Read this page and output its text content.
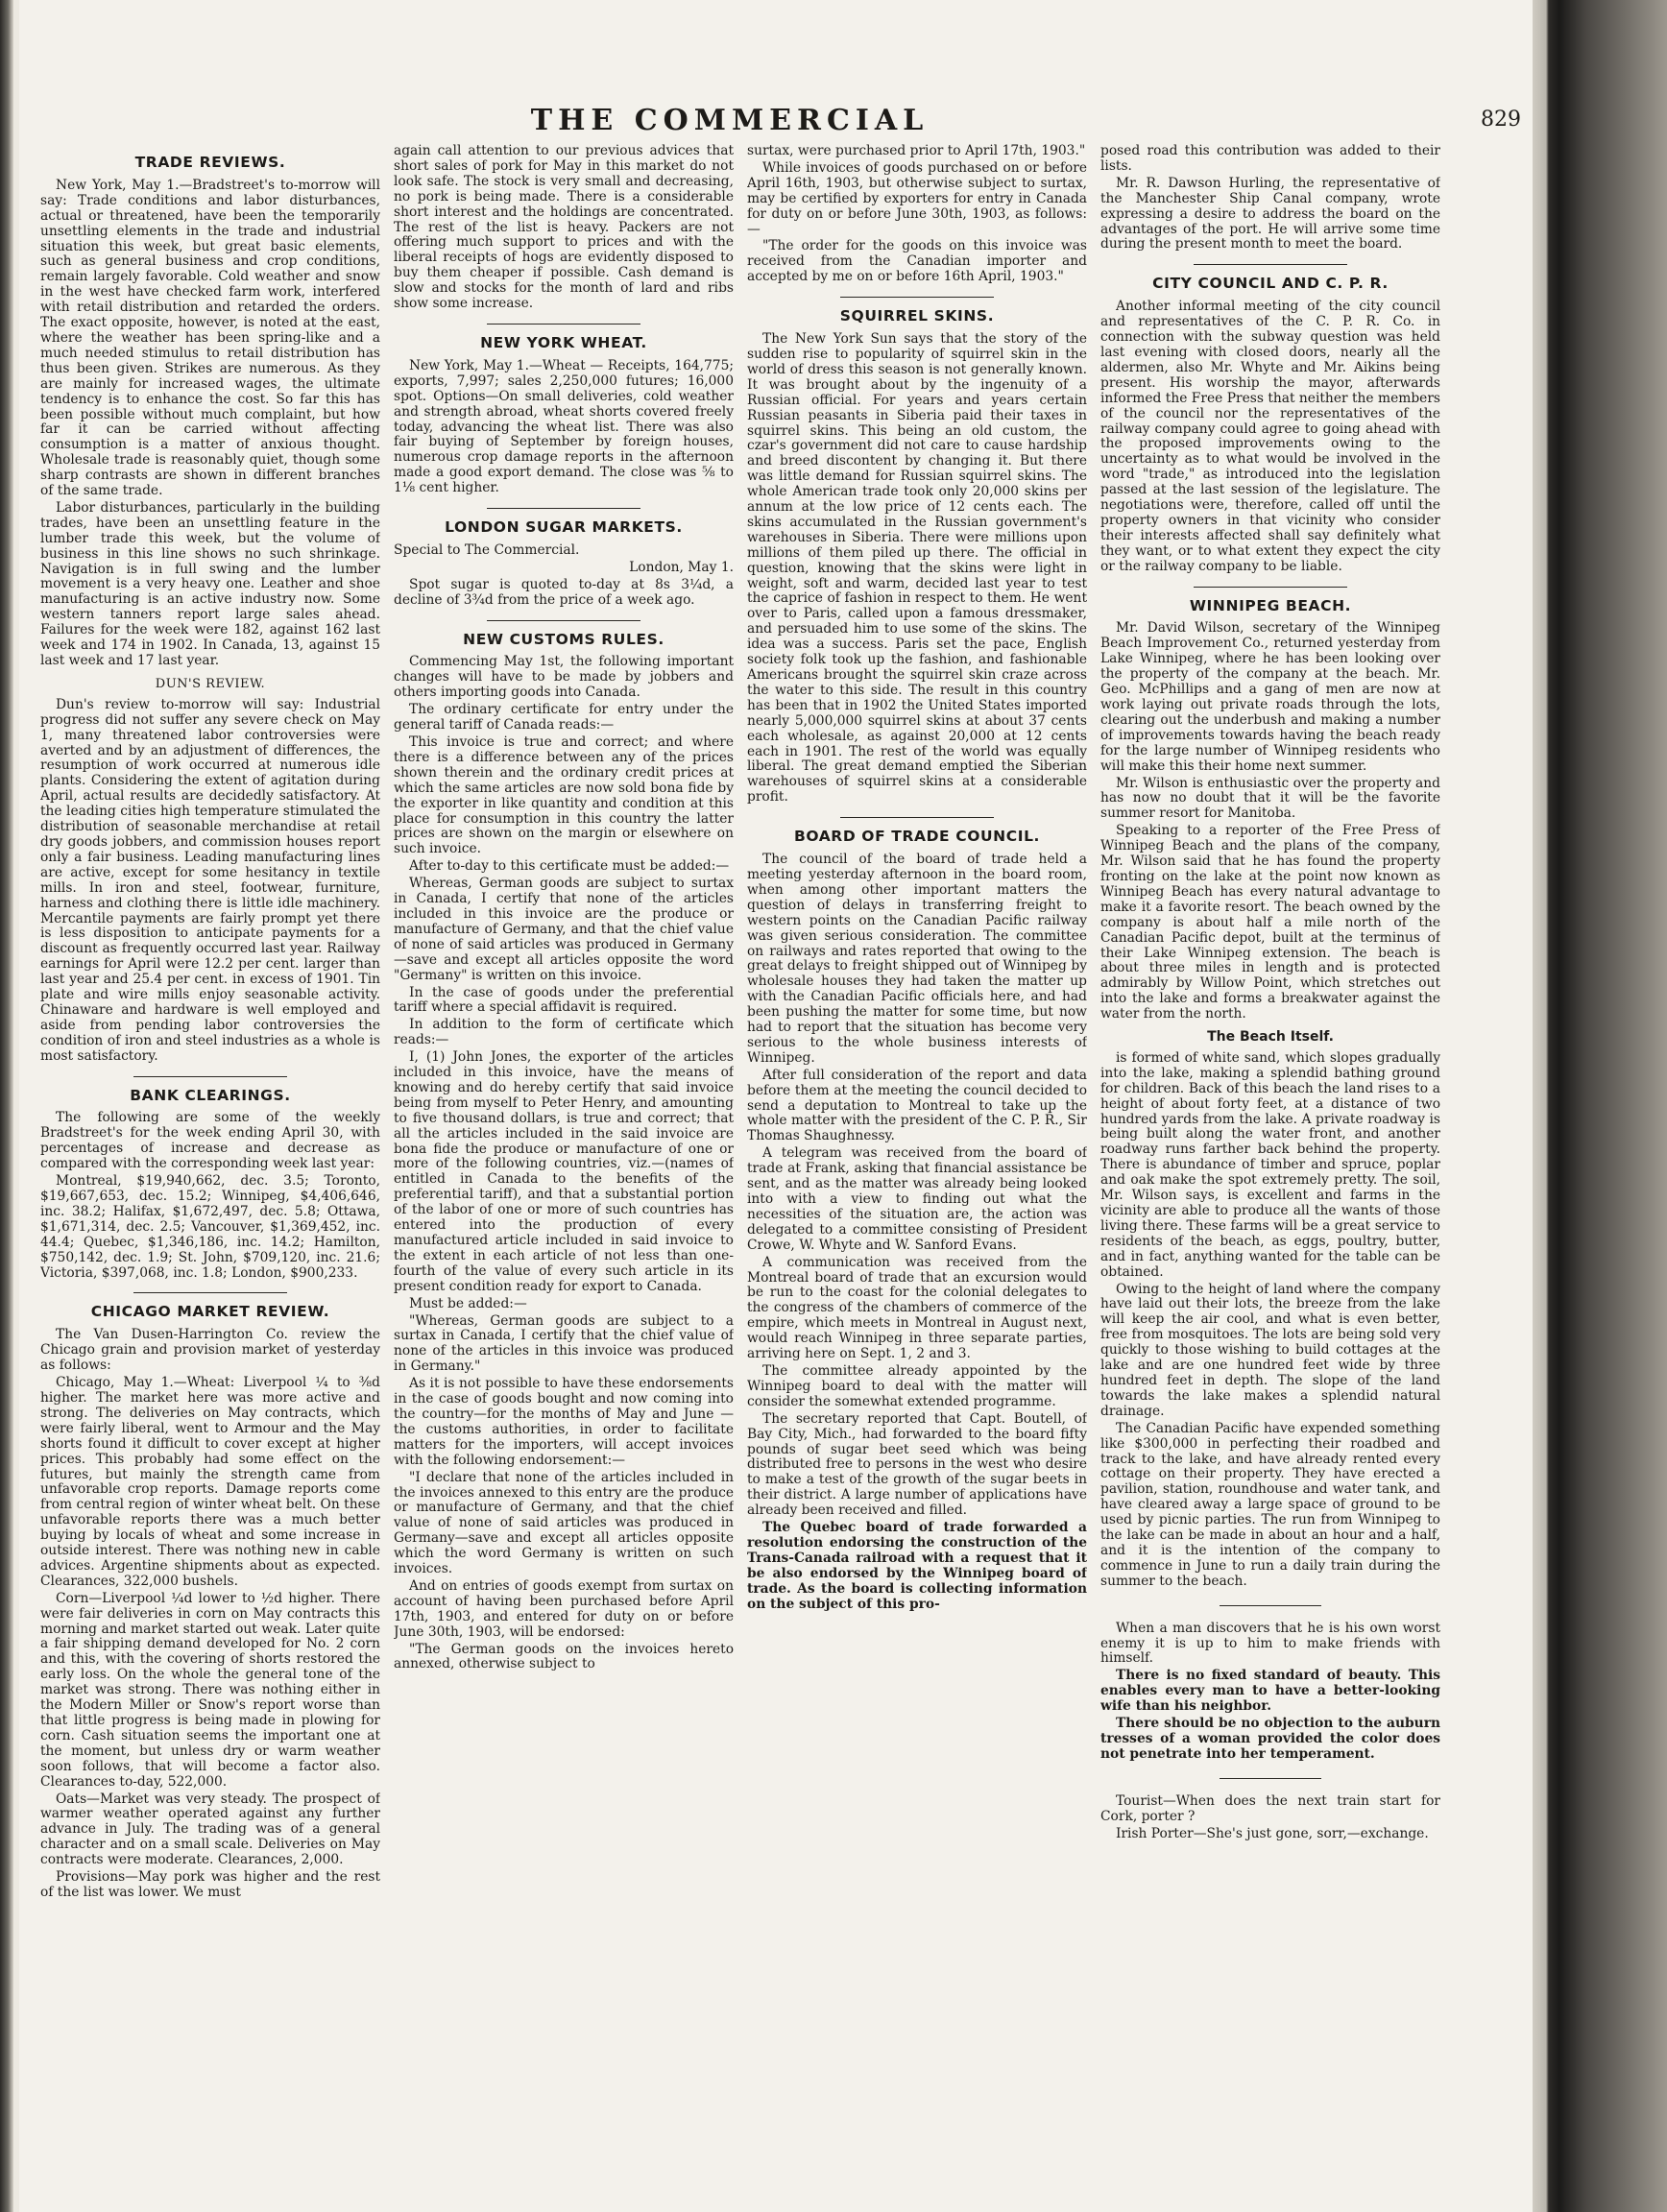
THE COMMERCIAL	829
TRADE REVIEWS.

New York, May 1.—Bradstreet's to-morrow will say: Trade conditions and labor disturbances, actual or threatened, have been the temporarily unsettling elements in the trade and industrial situation this week, but great basic elements, such as general business and crop conditions, remain largely favorable. Cold weather and snow in the west have checked farm work, interfered with retail distribution and retarded the orders. The exact opposite, however, is noted at the east, where the weather has been spring-like and a much needed stimulus to retail distribution has thus been given. Strikes are numerous. As they are mainly for increased wages, the ultimate tendency is to enhance the cost. So far this has been possible without much complaint, but how far it can be carried without affecting consumption is a matter of anxious thought. Wholesale trade is reasonably quiet, though some sharp contrasts are shown in different branches of the same trade.

Labor disturbances, particularly in the building trades, have been an unsettling feature in the lumber trade this week, but the volume of business in this line shows no such shrinkage. Navigation is in full swing and the lumber movement is a very heavy one. Leather and shoe manufacturing is an active industry now. Some western tanners report large sales ahead. Failures for the week were 182, against 162 last week and 174 in 1902. In Canada, 13, against 15 last week and 17 last year.

DUN'S REVIEW.

Dun's review to-morrow will say: Industrial progress did not suffer any severe check on May 1, many threatened labor controversies were averted and by an adjustment of differences, the resumption of work occurred at numerous idle plants. Considering the extent of agitation during April, actual results are decidedly satisfactory. At the leading cities high temperature stimulated the distribution of seasonable merchandise at retail dry goods jobbers, and commission houses report only a fair business. Leading manufacturing lines are active, except for some hesitancy in textile mills. In iron and steel, footwear, furniture, harness and clothing there is little idle machinery. Mercantile payments are fairly prompt yet there is less disposition to anticipate payments for a discount as frequently occurred last year. Railway earnings for April were 12.2 per cent. larger than last year and 25.4 per cent. in excess of 1901. Tin plate and wire mills enjoy seasonable activity. Chinaware and hardware is well employed and aside from pending labor controversies the condition of iron and steel industries as a whole is most satisfactory.

BANK CLEARINGS.

The following are some of the weekly Bradstreet's for the week ending April 30, with percentages of increase and decrease as compared with the corresponding week last year:

Montreal, $19,940,662, dec. 3.5; Toronto, $19,667,653, dec. 15.2; Winnipeg, $4,406,646, inc. 38.2; Halifax, $1,672,497, dec. 5.8; Ottawa, $1,671,314, dec. 2.5; Vancouver, $1,369,452, inc. 44.4; Quebec, $1,346,186, inc. 14.2; Hamilton, $750,142, dec. 1.9; St. John, $709,120, inc. 21.6; Victoria, $397,068, inc. 1.8; London, $900,233.

CHICAGO MARKET REVIEW.

The Van Dusen-Harrington Co. review the Chicago grain and provision market of yesterday as follows:

Chicago, May 1.—Wheat: Liverpool ¼ to ⅜d higher. The market here was more active and strong. The deliveries on May contracts, which were fairly liberal, went to Armour and the May shorts found it difficult to cover except at higher prices. This probably had some effect on the futures, but mainly the strength came from unfavorable crop reports. Damage reports come from central region of winter wheat belt. On these unfavorable reports there was a much better buying by locals of wheat and some increase in outside interest. There was nothing new in cable advices. Argentine shipments about as expected. Clearances, 322,000 bushels.

Corn—Liverpool ¼d lower to ½d higher. There were fair deliveries in corn on May contracts this morning and market started out weak. Later quite a fair shipping demand developed for No. 2 corn and this, with the covering of shorts restored the early loss. On the whole the general tone of the market was strong. There was nothing either in the Modern Miller or Snow's report worse than that little progress is being made in plowing for corn. Cash situation seems the important one at the moment, but unless dry or warm weather soon follows, that will become a factor also. Clearances to-day, 522,000.

Oats—Market was very steady. The prospect of warmer weather operated against any further advance in July. The trading was of a general character and on a small scale. Deliveries on May contracts were moderate. Clearances, 2,000.

Provisions—May pork was higher and the rest of the list was lower. We must

again call attention to our previous advices that short sales of pork for May in this market do not look safe. The stock is very small and decreasing, no pork is being made. There is a considerable short interest and the holdings are concentrated. The rest of the list is heavy. Packers are not offering much support to prices and with the liberal receipts of hogs are evidently disposed to buy them cheaper if possible. Cash demand is slow and stocks for the month of lard and ribs show some increase.

NEW YORK WHEAT.

New York, May 1.—Wheat — Receipts, 164,775; exports, 7,997; sales 2,250,000 futures; 16,000 spot. Options—On small deliveries, cold weather and strength abroad, wheat shorts covered freely today, advancing the wheat list. There was also fair buying of September by foreign houses, numerous crop damage reports in the afternoon made a good export demand. The close was ⅝ to 1⅛ cent higher.

LONDON SUGAR MARKETS.

Special to The Commercial.

London, May 1.

Spot sugar is quoted to-day at 8s 3¼d, a decline of 3¾d from the price of a week ago.

NEW CUSTOMS RULES.

Commencing May 1st, the following important changes will have to be made by jobbers and others importing goods into Canada.

The ordinary certificate for entry under the general tariff of Canada reads:—

This invoice is true and correct; and where there is a difference between any of the prices shown therein and the ordinary credit prices at which the same articles are now sold bona fide by the exporter in like quantity and condition at this place for consumption in this country the latter prices are shown on the margin or elsewhere on such invoice.

After to-day to this certificate must be added:—

Whereas, German goods are subject to surtax in Canada, I certify that none of the articles included in this invoice are the produce or manufacture of Germany, and that the chief value of none of said articles was produced in Germany—save and except all articles opposite the word "Germany" is written on this invoice.

In the case of goods under the preferential tariff where a special affidavit is required.

In addition to the form of certificate which reads:—

I, (1) John Jones, the exporter of the articles included in this invoice, have the means of knowing and do hereby certify that said invoice being from myself to Peter Henry, and amounting to five thousand dollars, is true and correct; that all the articles included in the said invoice are bona fide the produce or manufacture of one or more of the following countries, viz.—(names of entitled in Canada to the benefits of the preferential tariff), and that a substantial portion of the labor of one or more of such countries has entered into the production of every manufactured article included in said invoice to the extent in each article of not less than one-fourth of the value of every such article in its present condition ready for export to Canada.

Must be added:—

"Whereas, German goods are subject to a surtax in Canada, I certify that the chief value of none of the articles in this invoice was produced in Germany."

As it is not possible to have these endorsements in the case of goods bought and now coming into the country—for the months of May and June —the customs authorities, in order to facilitate matters for the importers, will accept invoices with the following endorsement:—

"I declare that none of the articles included in the invoices annexed to this entry are the produce or manufacture of Germany, and that the chief value of none of said articles was produced in Germany—save and except all articles opposite which the word Germany is written on such invoices.

And on entries of goods exempt from surtax on account of having been purchased before April 17th, 1903, and entered for duty on or before June 30th, 1903, will be endorsed:

"The German goods on the invoices hereto annexed, otherwise subject to

surtax, were purchased prior to April 17th, 1903."

While invoices of goods purchased on or before April 16th, 1903, but otherwise subject to surtax, may be certified by exporters for entry in Canada for duty on or before June 30th, 1903, as follows:—

"The order for the goods on this invoice was received from the Canadian importer and accepted by me on or before 16th April, 1903."

SQUIRREL SKINS.

The New York Sun says that the story of the sudden rise to popularity of squirrel skin in the world of dress this season is not generally known. It was brought about by the ingenuity of a Russian official. For years and years certain Russian peasants in Siberia paid their taxes in squirrel skins. This being an old custom, the czar's government did not care to cause hardship and breed discontent by changing it. But there was little demand for Russian squirrel skins. The whole American trade took only 20,000 skins per annum at the low price of 12 cents each. The skins accumulated in the Russian government's warehouses in Siberia. There were millions upon millions of them piled up there. The official in question, knowing that the skins were light in weight, soft and warm, decided last year to test the caprice of fashion in respect to them. He went over to Paris, called upon a famous dressmaker, and persuaded him to use some of the skins. The idea was a success. Paris set the pace, English society folk took up the fashion, and fashionable Americans brought the squirrel skin craze across the water to this side. The result in this country has been that in 1902 the United States imported nearly 5,000,000 squirrel skins at about 37 cents each wholesale, as against 20,000 at 12 cents each in 1901. The rest of the world was equally liberal. The great demand emptied the Siberian warehouses of squirrel skins at a considerable profit.

BOARD OF TRADE COUNCIL.

The council of the board of trade held a meeting yesterday afternoon in the board room, when among other important matters the question of delays in transferring freight to western points on the Canadian Pacific railway was given serious consideration. The committee on railways and rates reported that owing to the great delays to freight shipped out of Winnipeg by wholesale houses they had taken the matter up with the Canadian Pacific officials here, and had been pushing the matter for some time, but now had to report that the situation has become very serious to the whole business interests of Winnipeg.

After full consideration of the report and data before them at the meeting the council decided to send a deputation to Montreal to take up the whole matter with the president of the C. P. R., Sir Thomas Shaughnessy.

A telegram was received from the board of trade at Frank, asking that financial assistance be sent, and as the matter was already being looked into with a view to finding out what the necessities of the situation are, the action was delegated to a committee consisting of President Crowe, W. Whyte and W. Sanford Evans.

A communication was received from the Montreal board of trade that an excursion would be run to the coast for the colonial delegates to the congress of the chambers of commerce of the empire, which meets in Montreal in August next, would reach Winnipeg in three separate parties, arriving here on Sept. 1, 2 and 3.

The committee already appointed by the Winnipeg board to deal with the matter will consider the somewhat extended programme.

The secretary reported that Capt. Boutell, of Bay City, Mich., had forwarded to the board fifty pounds of sugar beet seed which was being distributed free to persons in the west who desire to make a test of the growth of the sugar beets in their district. A large number of applications have already been received and filled.

The Quebec board of trade forwarded a resolution endorsing the construction of the Trans-Canada railroad with a request that it be also endorsed by the Winnipeg board of trade. As the board is collecting information on the subject of this pro-

posed road this contribution was added to their lists.

Mr. R. Dawson Hurling, the representative of the Manchester Ship Canal company, wrote expressing a desire to address the board on the advantages of the port. He will arrive some time during the present month to meet the board.

CITY COUNCIL AND C. P. R.

Another informal meeting of the city council and representatives of the C. P. R. Co. in connection with the subway question was held last evening with closed doors, nearly all the aldermen, also Mr. Whyte and Mr. Aikins being present. His worship the mayor, afterwards informed the Free Press that neither the members of the council nor the representatives of the railway company could agree to going ahead with the proposed improvements owing to the uncertainty as to what would be involved in the word "trade," as introduced into the legislation passed at the last session of the legislature. The negotiations were, therefore, called off until the property owners in that vicinity who consider their interests affected shall say definitely what they want, or to what extent they expect the city or the railway company to be liable.

WINNIPEG BEACH.

Mr. David Wilson, secretary of the Winnipeg Beach Improvement Co., returned yesterday from Lake Winnipeg, where he has been looking over the property of the company at the beach. Mr. Geo. McPhillips and a gang of men are now at work laying out private roads through the lots, clearing out the underbush and making a number of improvements towards having the beach ready for the large number of Winnipeg residents who will make this their home next summer.

Mr. Wilson is enthusiastic over the property and has now no doubt that it will be the favorite summer resort for Manitoba.

Speaking to a reporter of the Free Press of Winnipeg Beach and the plans of the company, Mr. Wilson said that he has found the property fronting on the lake at the point now known as Winnipeg Beach has every natural advantage to make it a favorite resort. The beach owned by the company is about half a mile north of the Canadian Pacific depot, built at the terminus of their Lake Winnipeg extension. The beach is about three miles in length and is protected admirably by Willow Point, which stretches out into the lake and forms a breakwater against the water from the north.

The Beach Itself.

is formed of white sand, which slopes gradually into the lake, making a splendid bathing ground for children. Back of this beach the land rises to a height of about forty feet, at a distance of two hundred yards from the lake. A private roadway is being built along the water front, and another roadway runs farther back behind the property. There is abundance of timber and spruce, poplar and oak make the spot extremely pretty. The soil, Mr. Wilson says, is excellent and farms in the vicinity are able to produce all the wants of those living there. These farms will be a great service to residents of the beach, as eggs, poultry, butter, and in fact, anything wanted for the table can be obtained.

Owing to the height of land where the company have laid out their lots, the breeze from the lake will keep the air cool, and what is even better, free from mosquitoes. The lots are being sold very quickly to those wishing to build cottages at the lake and are one hundred feet wide by three hundred feet in depth. The slope of the land towards the lake makes a splendid natural drainage.

The Canadian Pacific have expended something like $300,000 in perfecting their roadbed and track to the lake, and have already rented every cottage on their property. They have erected a pavilion, station, roundhouse and water tank, and have cleared away a large space of ground to be used by picnic parties. The run from Winnipeg to the lake can be made in about an hour and a half, and it is the intention of the company to commence in June to run a daily train during the summer to the beach.

When a man discovers that he is his own worst enemy it is up to him to make friends with himself.

There is no fixed standard of beauty. This enables every man to have a better-looking wife than his neighbor.

There should be no objection to the auburn tresses of a woman provided the color does not penetrate into her temperament.

Tourist—When does the next train start for Cork, porter ?

Irish Porter—She's just gone, sorr,—exchange.
